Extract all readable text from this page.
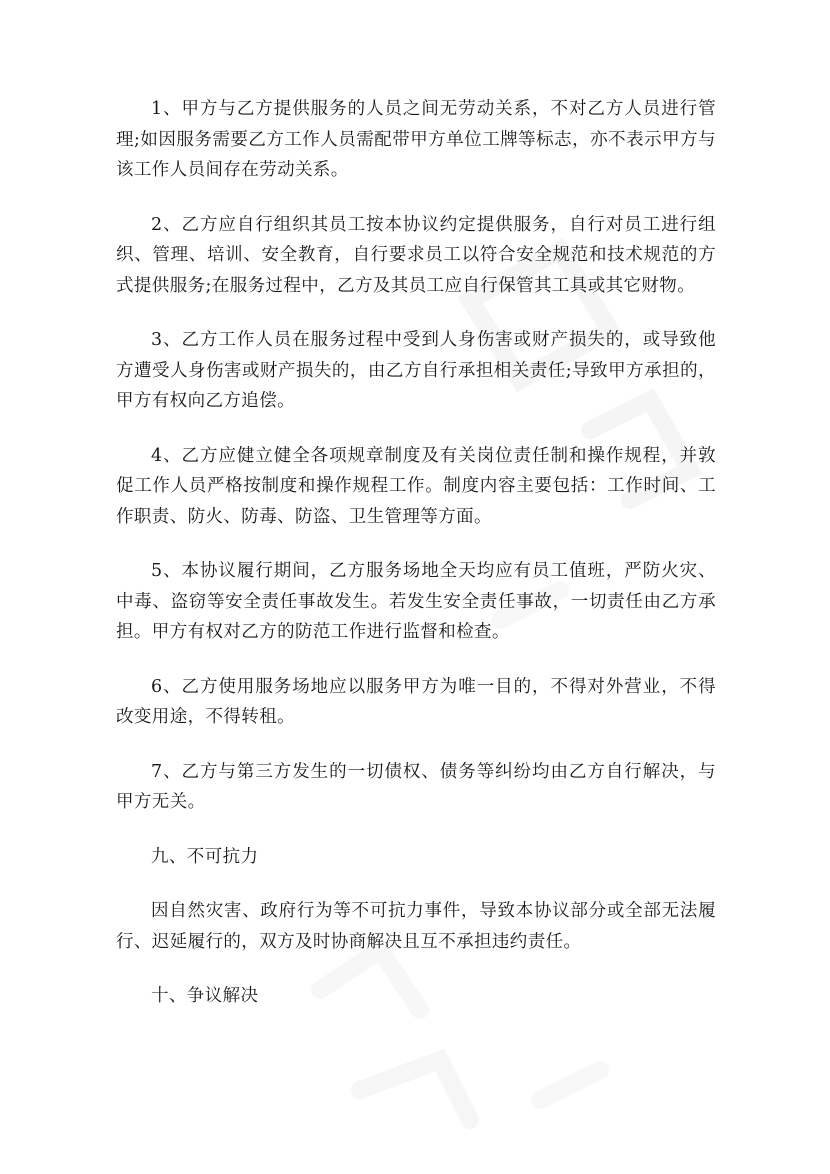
1、甲方与乙方提供服务的人员之间无劳动关系，不对乙方人员进行管理;如因服务需要乙方工作人员需配带甲方单位工牌等标志，亦不表示甲方与该工作人员间存在劳动关系。

2、乙方应自行组织其员工按本协议约定提供服务，自行对员工进行组织、管理、培训、安全教育，自行要求员工以符合安全规范和技术规范的方式提供服务;在服务过程中，乙方及其员工应自行保管其工具或其它财物。

3、乙方工作人员在服务过程中受到人身伤害或财产损失的，或导致他方遭受人身伤害或财产损失的，由乙方自行承担相关责任;导致甲方承担的，甲方有权向乙方追偿。

4、乙方应健立健全各项规章制度及有关岗位责任制和操作规程，并敦促工作人员严格按制度和操作规程工作。制度内容主要包括：工作时间、工作职责、防火、防毒、防盗、卫生管理等方面。

5、本协议履行期间，乙方服务场地全天均应有员工值班，严防火灾、中毒、盗窃等安全责任事故发生。若发生安全责任事故，一切责任由乙方承担。甲方有权对乙方的防范工作进行监督和检查。

6、乙方使用服务场地应以服务甲方为唯一目的，不得对外营业，不得改变用途，不得转租。

7、乙方与第三方发生的一切债权、债务等纠纷均由乙方自行解决，与甲方无关。

九、不可抗力

因自然灾害、政府行为等不可抗力事件，导致本协议部分或全部无法履行、迟延履行的，双方及时协商解决且互不承担违约责任。

十、争议解决
